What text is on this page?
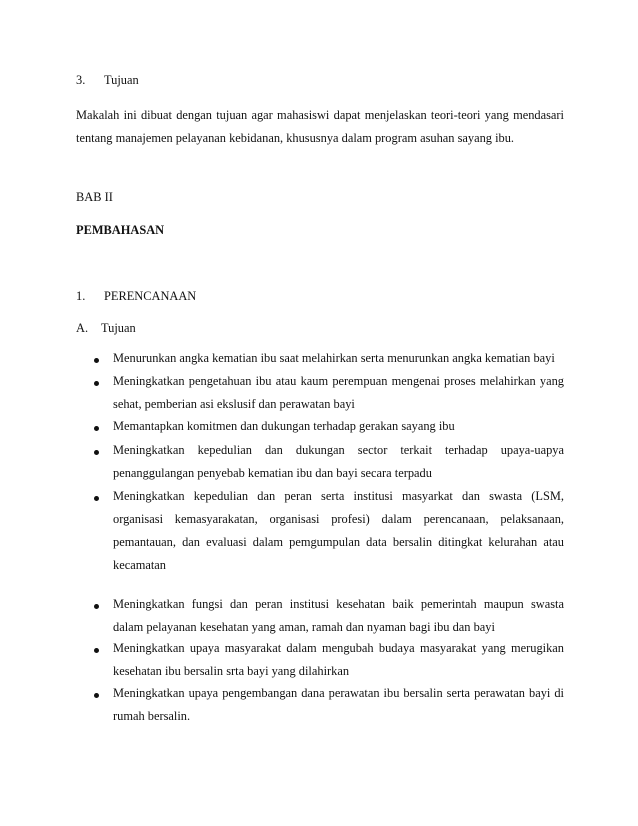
3. Tujuan
Makalah ini dibuat dengan tujuan agar mahasiswi dapat menjelaskan teori-teori yang mendasari
tentang manajemen pelayanan kebidanan, khususnya dalam program asuhan sayang ibu.
BAB II
PEMBAHASAN
1. PERENCANAAN
A. Tujuan
Menurunkan angka kematian ibu saat melahirkan serta menurunkan angka kematian bayi
Meningkatkan pengetahuan ibu atau kaum perempuan mengenai proses melahirkan yang
sehat, pemberian asi ekslusif dan perawatan bayi
Memantapkan komitmen dan dukungan terhadap gerakan sayang ibu
Meningkatkan kepedulian dan dukungan sector terkait terhadap upaya-uapya
penanggulangan penyebab kematian ibu dan bayi secara terpadu
Meningkatkan kepedulian dan peran serta institusi masyarkat dan swasta (LSM,
organisasi kemasyarakatan, organisasi profesi) dalam perencanaan, pelaksanaan,
pemantauan, dan evaluasi dalam pemgumpulan data bersalin ditingkat kelurahan atau
kecamatan
Meningkatkan fungsi dan peran institusi kesehatan baik pemerintah maupun swasta
dalam pelayanan kesehatan yang aman, ramah dan nyaman bagi ibu dan bayi
Meningkatkan upaya masyarakat dalam mengubah budaya masyarakat yang merugikan
kesehatan ibu bersalin srta bayi yang dilahirkan
Meningkatkan upaya pengembangan dana perawatan ibu bersalin serta perawatan bayi di
rumah bersalin.
